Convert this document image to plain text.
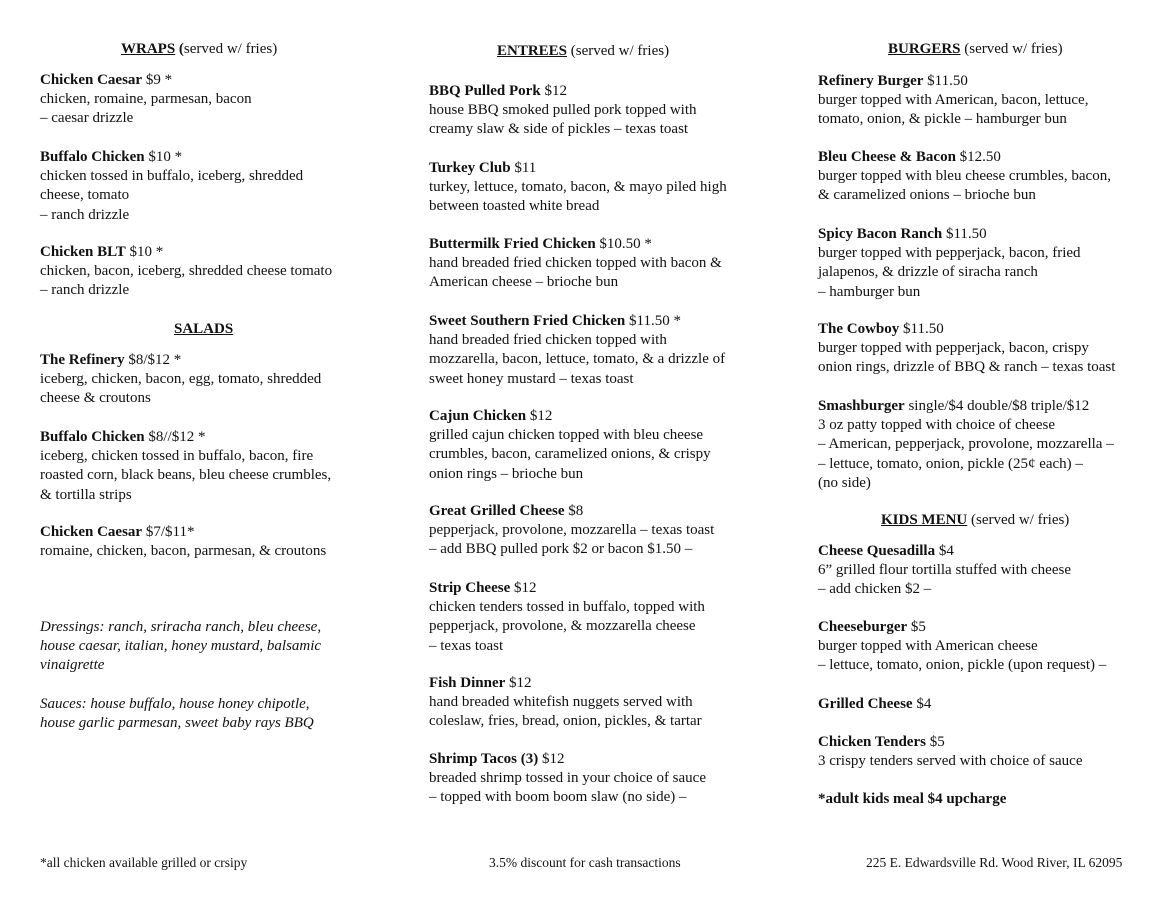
WRAPS (served w/ fries)
Chicken Caesar $9 *
chicken, romaine, parmesan, bacon
– caesar drizzle
Buffalo Chicken $10 *
chicken tossed in buffalo, iceberg, shredded
cheese, tomato
– ranch drizzle
Chicken BLT $10 *
chicken, bacon, iceberg, shredded cheese tomato
– ranch drizzle
SALADS
The Refinery $8/$12 *
iceberg, chicken, bacon, egg, tomato, shredded
cheese & croutons
Buffalo Chicken $8//$12 *
iceberg, chicken tossed in buffalo, bacon, fire
roasted corn, black beans, bleu cheese crumbles,
& tortilla strips
Chicken Caesar $7/$11*
romaine, chicken, bacon, parmesan, & croutons
Dressings: ranch, sriracha ranch, bleu cheese,
house caesar, italian, honey mustard, balsamic
vinaigrette
Sauces: house buffalo, house honey chipotle,
house garlic parmesan, sweet baby rays BBQ
ENTREES (served w/ fries)
BBQ Pulled Pork $12
house BBQ smoked pulled pork topped with
creamy slaw & side of pickles – texas toast
Turkey Club $11
turkey, lettuce, tomato, bacon, & mayo piled high
between toasted white bread
Buttermilk Fried Chicken $10.50 *
hand breaded fried chicken topped with bacon &
American cheese – brioche bun
Sweet Southern Fried Chicken $11.50 *
hand breaded fried chicken topped with
mozzarella, bacon, lettuce, tomato, & a drizzle of
sweet honey mustard – texas toast
Cajun Chicken $12
grilled cajun chicken topped with bleu cheese
crumbles, bacon, caramelized onions, & crispy
onion rings – brioche bun
Great Grilled Cheese $8
pepperjack, provolone, mozzarella – texas toast
– add BBQ pulled pork $2 or bacon $1.50 –
Strip Cheese $12
chicken tenders tossed in buffalo, topped with
pepperjack, provolone, & mozzarella cheese
– texas toast
Fish Dinner $12
hand breaded whitefish nuggets served with
coleslaw, fries, bread, onion, pickles, & tartar
Shrimp Tacos (3) $12
breaded shrimp tossed in your choice of sauce
– topped with boom boom slaw (no side) –
BURGERS (served w/ fries)
Refinery Burger $11.50
burger topped with American, bacon, lettuce,
tomato, onion, & pickle – hamburger bun
Bleu Cheese & Bacon $12.50
burger topped with bleu cheese crumbles, bacon,
& caramelized onions – brioche bun
Spicy Bacon Ranch $11.50
burger topped with pepperjack, bacon, fried
jalapenos, & drizzle of siracha ranch
– hamburger bun
The Cowboy $11.50
burger topped with pepperjack, bacon, crispy
onion rings, drizzle of BBQ & ranch – texas toast
Smashburger single/$4 double/$8 triple/$12
3 oz patty topped with choice of cheese
– American, pepperjack, provolone, mozzarella –
– lettuce, tomato, onion, pickle (25¢ each) –
(no side)
KIDS MENU (served w/ fries)
Cheese Quesadilla $4
6” grilled flour tortilla stuffed with cheese
– add chicken $2 –
Cheeseburger $5
burger topped with American cheese
– lettuce, tomato, onion, pickle (upon request) –
Grilled Cheese $4
Chicken Tenders $5
3 crispy tenders served with choice of sauce
*adult kids meal $4 upcharge
*all chicken available grilled or crsipy	3.5% discount for cash transactions	225 E. Edwardsville Rd. Wood River, IL 62095
